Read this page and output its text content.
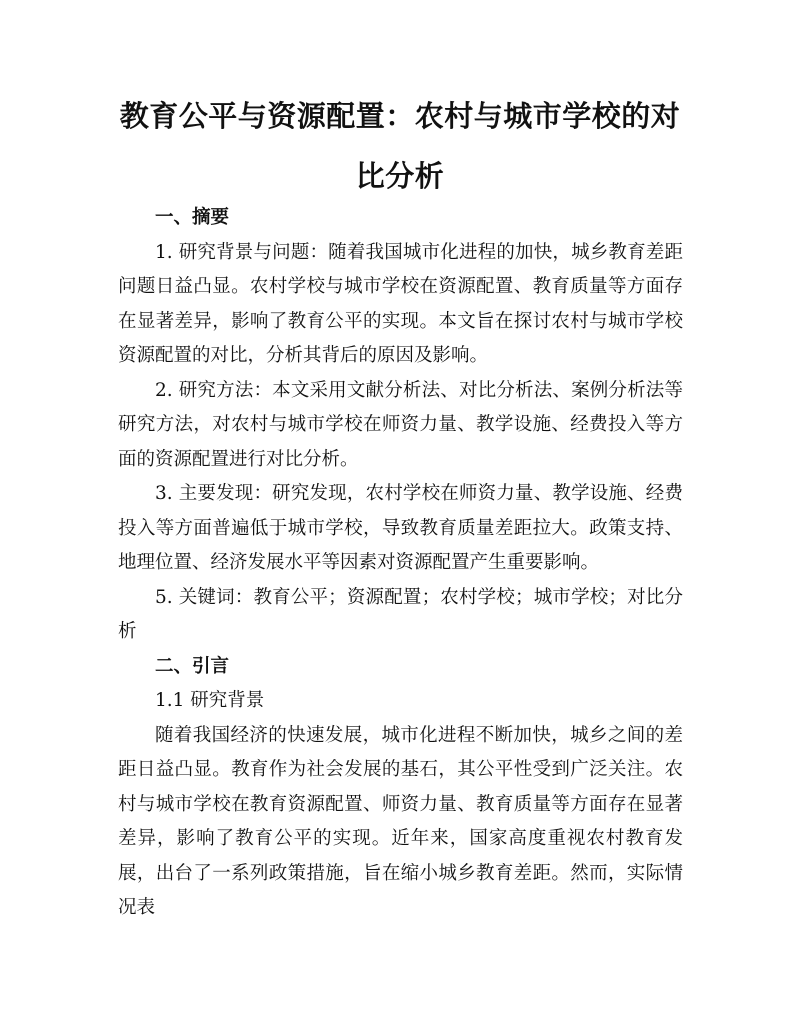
教育公平与资源配置：农村与城市学校的对比分析

一、摘要

1. 研究背景与问题：随着我国城市化进程的加快，城乡教育差距问题日益凸显。农村学校与城市学校在资源配置、教育质量等方面存在显著差异，影响了教育公平的实现。本文旨在探讨农村与城市学校资源配置的对比，分析其背后的原因及影响。

2. 研究方法：本文采用文献分析法、对比分析法、案例分析法等研究方法，对农村与城市学校在师资力量、教学设施、经费投入等方面的资源配置进行对比分析。

3. 主要发现：研究发现，农村学校在师资力量、教学设施、经费投入等方面普遍低于城市学校，导致教育质量差距拉大。政策支持、地理位置、经济发展水平等因素对资源配置产生重要影响。

5. 关键词：教育公平；资源配置；农村学校；城市学校；对比分析

二、引言

1.1 研究背景

随着我国经济的快速发展，城市化进程不断加快，城乡之间的差距日益凸显。教育作为社会发展的基石，其公平性受到广泛关注。农村与城市学校在教育资源配置、师资力量、教育质量等方面存在显著差异，影响了教育公平的实现。近年来，国家高度重视农村教育发展，出台了一系列政策措施，旨在缩小城乡教育差距。然而，实际情况表
